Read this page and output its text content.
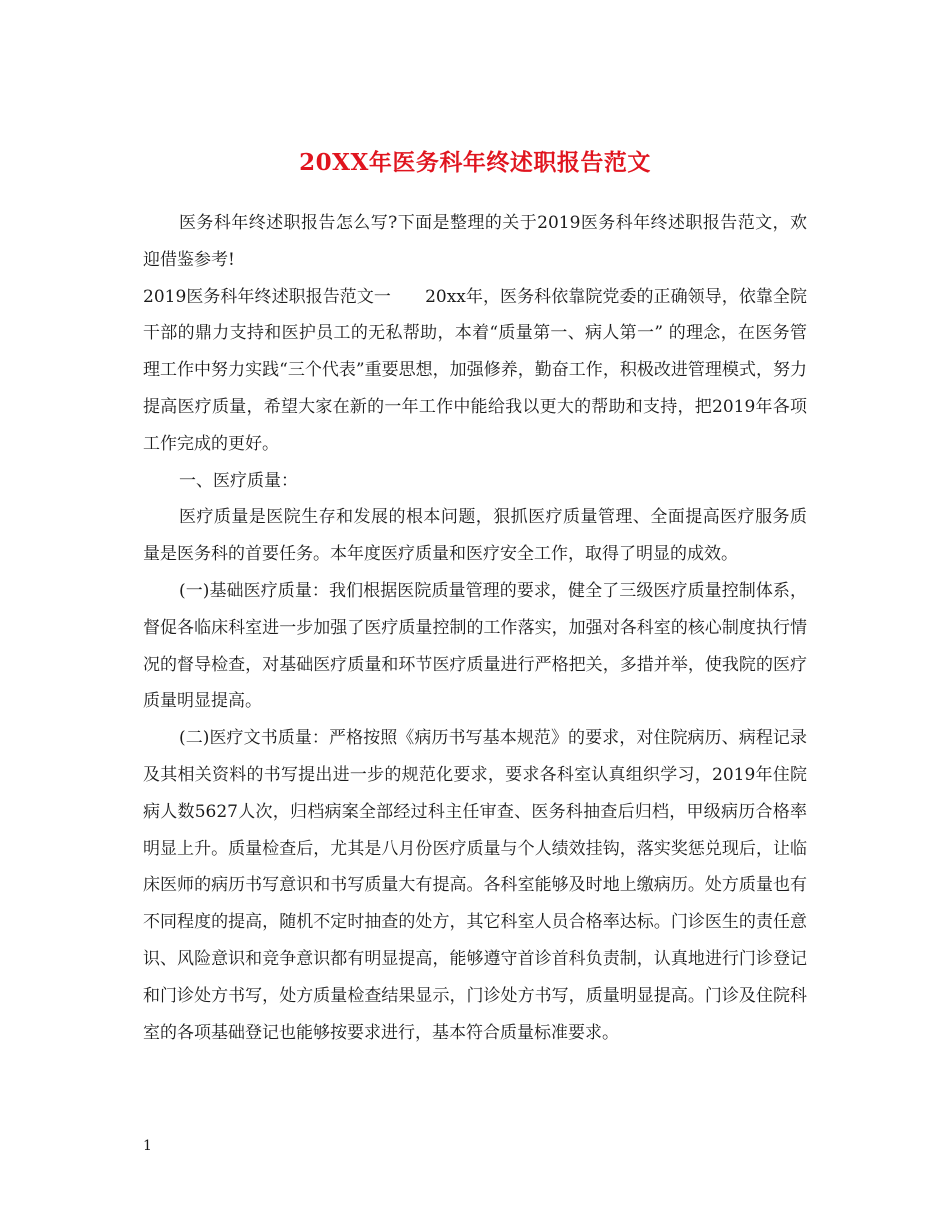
20XX年医务科年终述职报告范文

医务科年终述职报告怎么写?下面是整理的关于2019医务科年终述职报告范文，欢迎借鉴参考!

2019医务科年终述职报告范文一　　20xx年，医务科依靠院党委的正确领导，依靠全院干部的鼎力支持和医护员工的无私帮助，本着“质量第一、病人第一” 的理念，在医务管理工作中努力实践“三个代表”重要思想，加强修养，勤奋工作，积极改进管理模式，努力提高医疗质量，希望大家在新的一年工作中能给我以更大的帮助和支持，把2019年各项工作完成的更好。

一、医疗质量：

医疗质量是医院生存和发展的根本问题，狠抓医疗质量管理、全面提高医疗服务质量是医务科的首要任务。本年度医疗质量和医疗安全工作，取得了明显的成效。

(一)基础医疗质量：我们根据医院质量管理的要求，健全了三级医疗质量控制体系，督促各临床科室进一步加强了医疗质量控制的工作落实，加强对各科室的核心制度执行情况的督导检查，对基础医疗质量和环节医疗质量进行严格把关，多措并举，使我院的医疗质量明显提高。

(二)医疗文书质量：严格按照《病历书写基本规范》的要求，对住院病历、病程记录及其相关资料的书写提出进一步的规范化要求，要求各科室认真组织学习，2019年住院病人数5627人次，归档病案全部经过科主任审查、医务科抽查后归档，甲级病历合格率明显上升。质量检查后，尤其是八月份医疗质量与个人绩效挂钩，落实奖惩兑现后，让临床医师的病历书写意识和书写质量大有提高。各科室能够及时地上缴病历。处方质量也有不同程度的提高，随机不定时抽查的处方，其它科室人员合格率达标。门诊医生的责任意识、风险意识和竞争意识都有明显提高，能够遵守首诊首科负责制，认真地进行门诊登记和门诊处方书写，处方质量检查结果显示，门诊处方书写，质量明显提高。门诊及住院科室的各项基础登记也能够按要求进行，基本符合质量标准要求。

1
